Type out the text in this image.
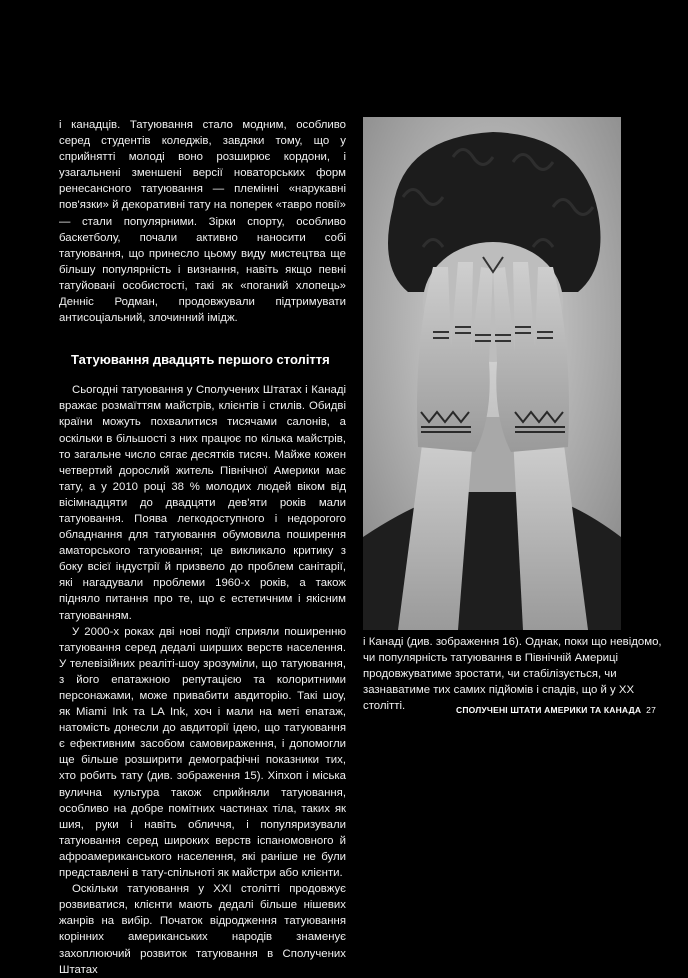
і канадців. Татуювання стало модним, особливо серед студентів коледжів, завдяки тому, що у сприйнятті молоді воно розширює кордони, і узагальнені зменшені версії новаторських форм ренесансного татуювання — племінні «нарукавні пов'язки» й декоративні тату на поперек «тавро повії» — стали популярними. Зірки спорту, особливо баскетболу, почали активно наносити собі татуювання, що принесло цьому виду мистецтва ще більшу популярність і визнання, навіть якщо певні татуйовані особистості, такі як «поганий хлопець» Денніс Родман, продовжували підтримувати антисоціальний, злочинний імідж.

Татуювання двадцять першого століття

Сьогодні татуювання у Сполучених Штатах і Канаді вражає розмаїттям майстрів, клієнтів і стилів. Обидві країни можуть похвалитися тисячами салонів, а оскільки в більшості з них працює по кілька майстрів, то загальне число сягає десятків тисяч. Майже кожен четвертий дорослий житель Північної Америки має тату, а у 2010 році 38 % молодих людей віком від вісімнадцяти до двадцяти дев'яти років мали татуювання. Поява легкодоступного і недорогого обладнання для татуювання обумовила поширення аматорського татуювання; це викликало критику з боку всієї індустрії й призвело до проблем санітарії, які нагадували проблеми 1960-х років, а також підняло питання про те, що є естетичним і якісним татуюванням.

У 2000-х роках дві нові події сприяли поширенню татуювання серед дедалі ширших верств населення. У телевізійних реаліті-шоу зрозуміли, що татуювання, з його епатажною репутацією та колоритними персонажами, може привабити авдиторію. Такі шоу, як Miami Ink та LA Ink, хоч і мали на меті епатаж, натомість донесли до авдиторії ідею, що татуювання є ефективним засобом самовираження, і допомогли ще більше розширити демографічні показники тих, хто робить тату (див. зображення 15). Хіпхоп і міська вулична культура також сприйняли татуювання, особливо на добре помітних частинах тіла, таких як шия, руки і навіть обличчя, і популяризували татуювання серед широких верств іспаномовного й афроамериканського населення, які раніше не були представлені в тату-спільноті як майстри або клієнти.

Оскільки татуювання у ХХІ столітті продовжує розвиватися, клієнти мають дедалі більше нішевих жанрів на вибір. Початок відродження татуювання корінних американських народів знаменує захоплюючий розвиток татуювання в Сполучених Штатах

і Канаді (див. зображення 16). Однак, поки що невідомо, чи популярність татуювання в Північній Америці продовжуватиме зростати, чи стабілізується, чи зазнаватиме тих самих підйомів і спадів, що й у ХХ столітті.	СПОЛУЧЕНІ ШТАТИ АМЕРИКИ ТА КАНАДА 27
